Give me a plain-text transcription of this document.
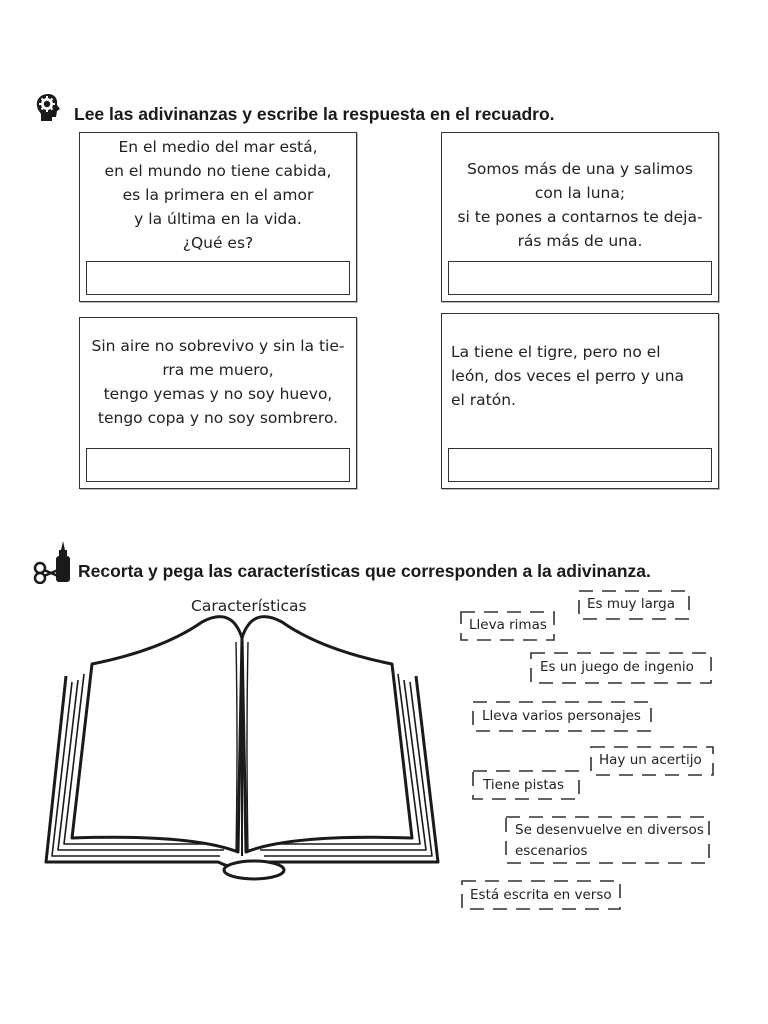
Lee las adivinanzas y escribe la respuesta en el recuadro.
En el medio del mar está,
en el mundo no tiene cabida,
es la primera en el amor
y la última en la vida.
¿Qué es?
Somos más de una y salimos
con la luna;
si te pones a contarnos te deja-
rás más de una.
Sin aire no sobrevivo y sin la tie-
rra me muero,
tengo yemas y no soy huevo,
tengo copa y no soy sombrero.
La tiene el tigre, pero no el
león, dos veces el perro y una
el ratón.
Recorta y pega las características que corresponden a la adivinanza.
Características	Es muy larga
Lleva rimas
Es un juego de ingenio
Lleva varios personajes
Hay un acertijo
Tiene pistas
Se desenvuelve en diversos
escenarios
Está escrita en verso
